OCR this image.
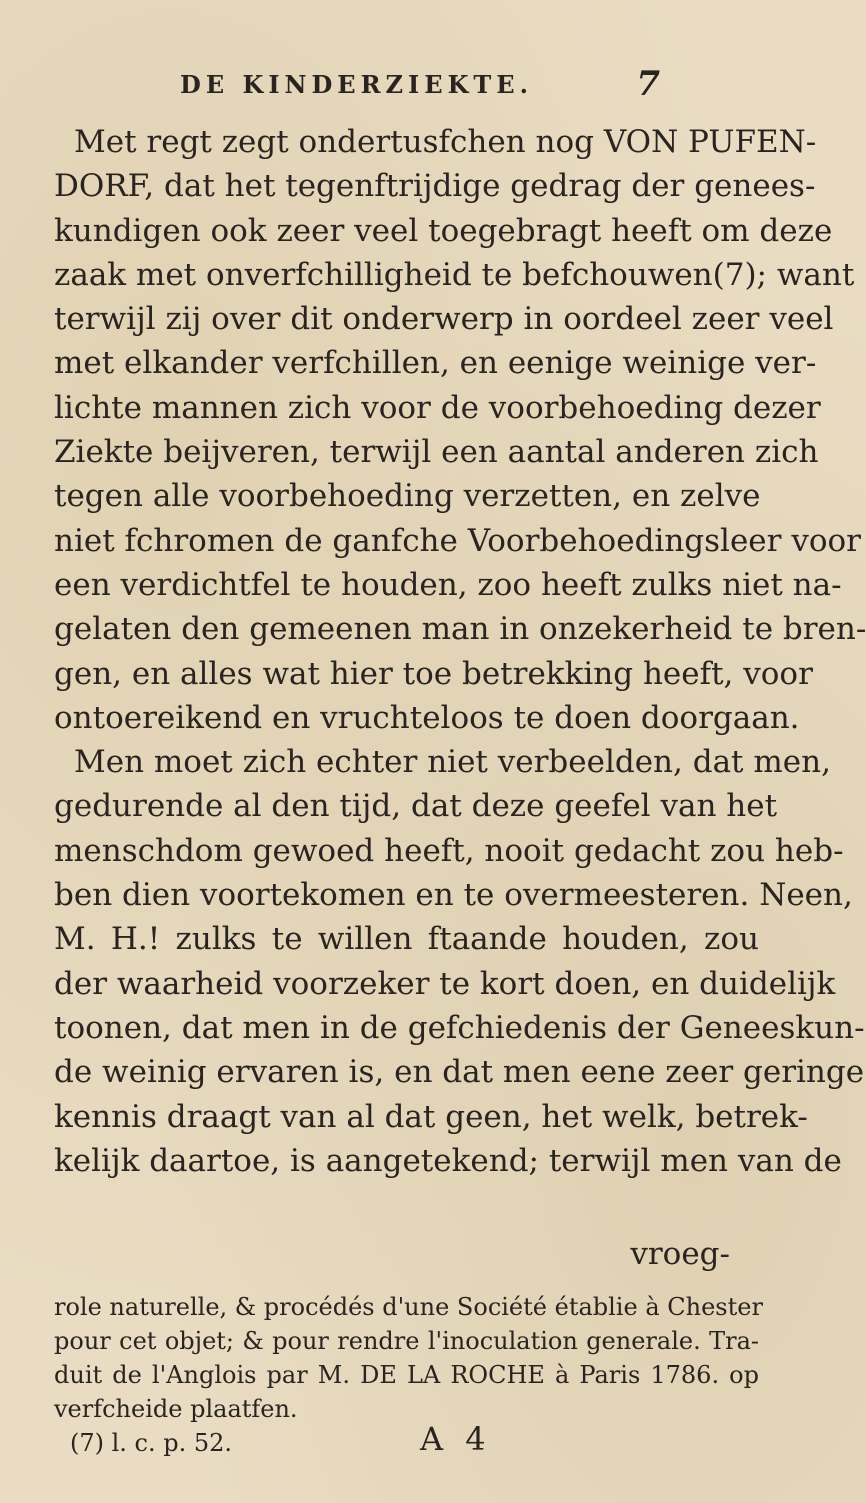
DE KINDERZIEKTE.	7
Met regt zegt ondertusfchen nog VON PUFEN-
DORF, dat het tegenftrijdige gedrag der genees-
kundigen ook zeer veel toegebragt heeft om deze
zaak met onverfchilligheid te befchouwen(7); want
terwijl zij over dit onderwerp in oordeel zeer veel
met elkander verfchillen, en eenige weinige ver-
lichte mannen zich voor de voorbehoeding dezer
Ziekte beijveren, terwijl een aantal anderen zich
tegen alle voorbehoeding verzetten, en zelve
niet fchromen de ganfche Voorbehoedingsleer voor
een verdichtfel te houden, zoo heeft zulks niet na-
gelaten den gemeenen man in onzekerheid te bren-
gen, en alles wat hier toe betrekking heeft, voor
ontoereikend en vruchteloos te doen doorgaan.
Men moet zich echter niet verbeelden, dat men,
gedurende al den tijd, dat deze geefel van het
menschdom gewoed heeft, nooit gedacht zou heb-
ben dien voortekomen en te overmeesteren. Neen,
M. H.! zulks te willen ftaande houden, zou
der waarheid voorzeker te kort doen, en duidelijk
toonen, dat men in de gefchiedenis der Geneeskun-
de weinig ervaren is, en dat men eene zeer geringe
kennis draagt van al dat geen, het welk, betrek-
kelijk daartoe, is aangetekend; terwijl men van de
vroeg-
role naturelle, & procédés d'une Société établie à Chester
pour cet objet; & pour rendre l'inoculation generale. Tra-
duit de l'Anglois par M. DE LA ROCHE à Paris 1786. op
verfcheide plaatfen.
(7) l. c. p. 52.	A 4
